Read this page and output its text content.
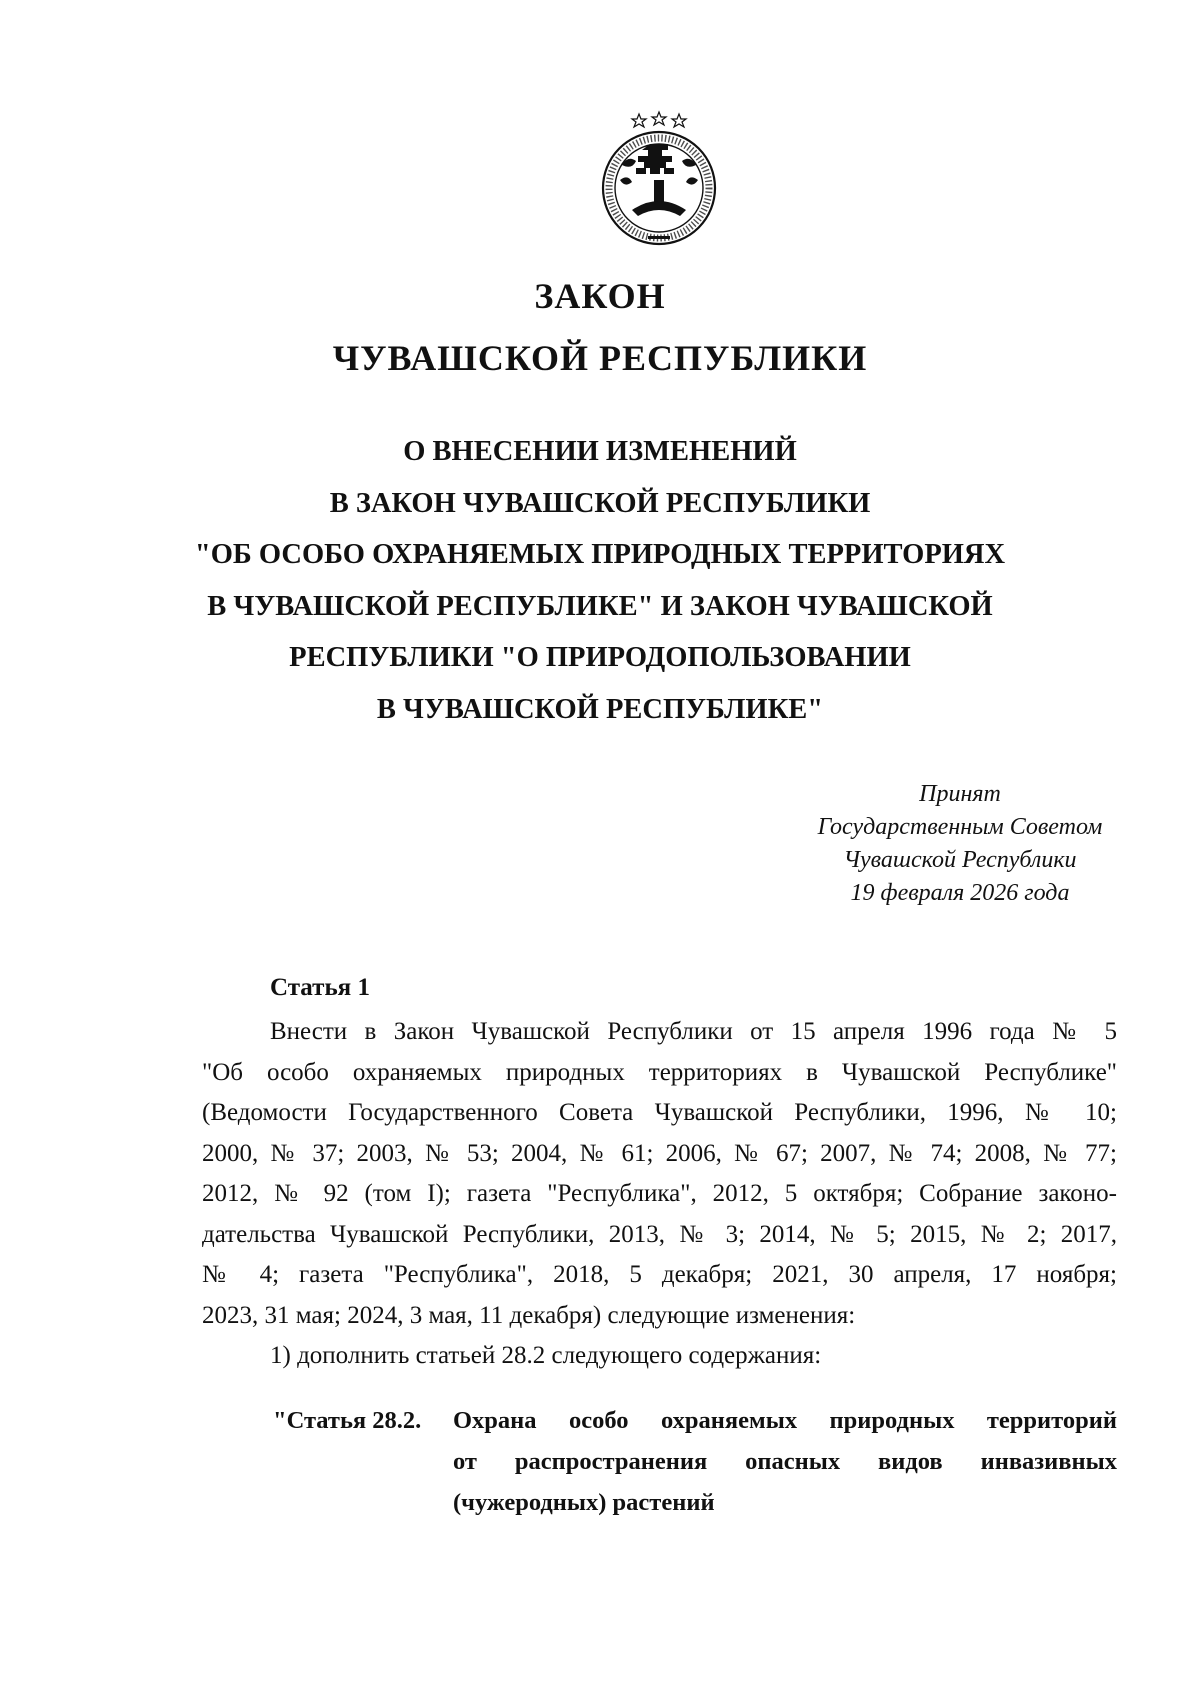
ЗАКОН
ЧУВАШСКОЙ РЕСПУБЛИКИ
О ВНЕСЕНИИ ИЗМЕНЕНИЙ
В ЗАКОН ЧУВАШСКОЙ РЕСПУБЛИКИ
"ОБ ОСОБО ОХРАНЯЕМЫХ ПРИРОДНЫХ ТЕРРИТОРИЯХ
В ЧУВАШСКОЙ РЕСПУБЛИКЕ" И ЗАКОН ЧУВАШСКОЙ
РЕСПУБЛИКИ "О ПРИРОДОПОЛЬЗОВАНИИ
В ЧУВАШСКОЙ РЕСПУБЛИКЕ"
Принят
Государственным Советом
Чувашской Республики
19 февраля 2026 года
Статья 1
Внести в Закон Чувашской Республики от 15 апреля 1996 года № 5
"Об особо охраняемых природных территориях в Чувашской Республике"
(Ведомости Государственного Совета Чувашской Республики, 1996, № 10;
2000, № 37; 2003, № 53; 2004, № 61; 2006, № 67; 2007, № 74; 2008, № 77;
2012, № 92 (том I); газета "Республика", 2012, 5 октября; Собрание законо-
дательства Чувашской Республики, 2013, № 3; 2014, № 5; 2015, № 2; 2017,
№ 4; газета "Республика", 2018, 5 декабря; 2021, 30 апреля, 17 ноября;
2023, 31 мая; 2024, 3 мая, 11 декабря) следующие изменения:
1) дополнить статьей 28.2 следующего содержания:
"Статья 28.2. Охрана особо охраняемых природных территорий
от распространения опасных видов инвазивных
(чужеродных) растений
